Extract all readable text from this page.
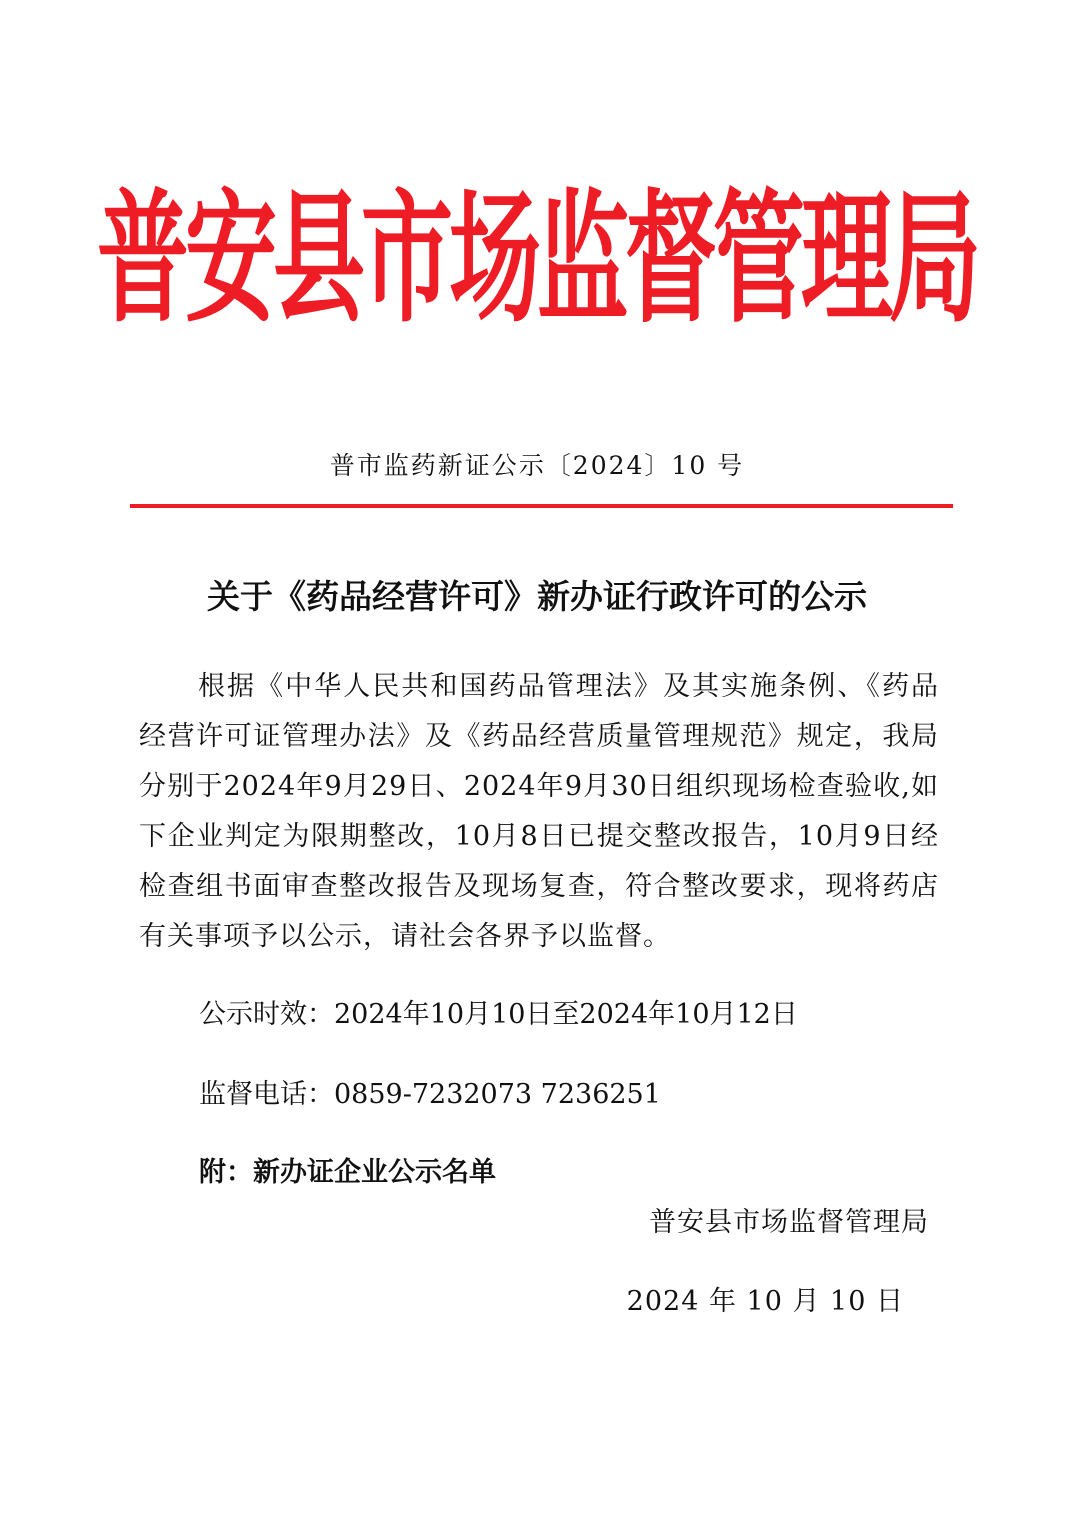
普安县市场监督管理局
普市监药新证公示〔2024〕10 号
关于《药品经营许可》新办证行政许可的公示
根据《中华人民共和国药品管理法》及其实施条例、《药品经营许可证管理办法》及《药品经营质量管理规范》规定，我局分别于2024年9月29日、2024年9月30日组织现场检查验收,如下企业判定为限期整改，10月8日已提交整改报告，10月9日经检查组书面审查整改报告及现场复查，符合整改要求，现将药店有关事项予以公示，请社会各界予以监督。
公示时效：2024年10月10日至2024年10月12日
监督电话：0859-7232073 7236251
附：新办证企业公示名单
普安县市场监督管理局
2024 年 10 月 10 日
